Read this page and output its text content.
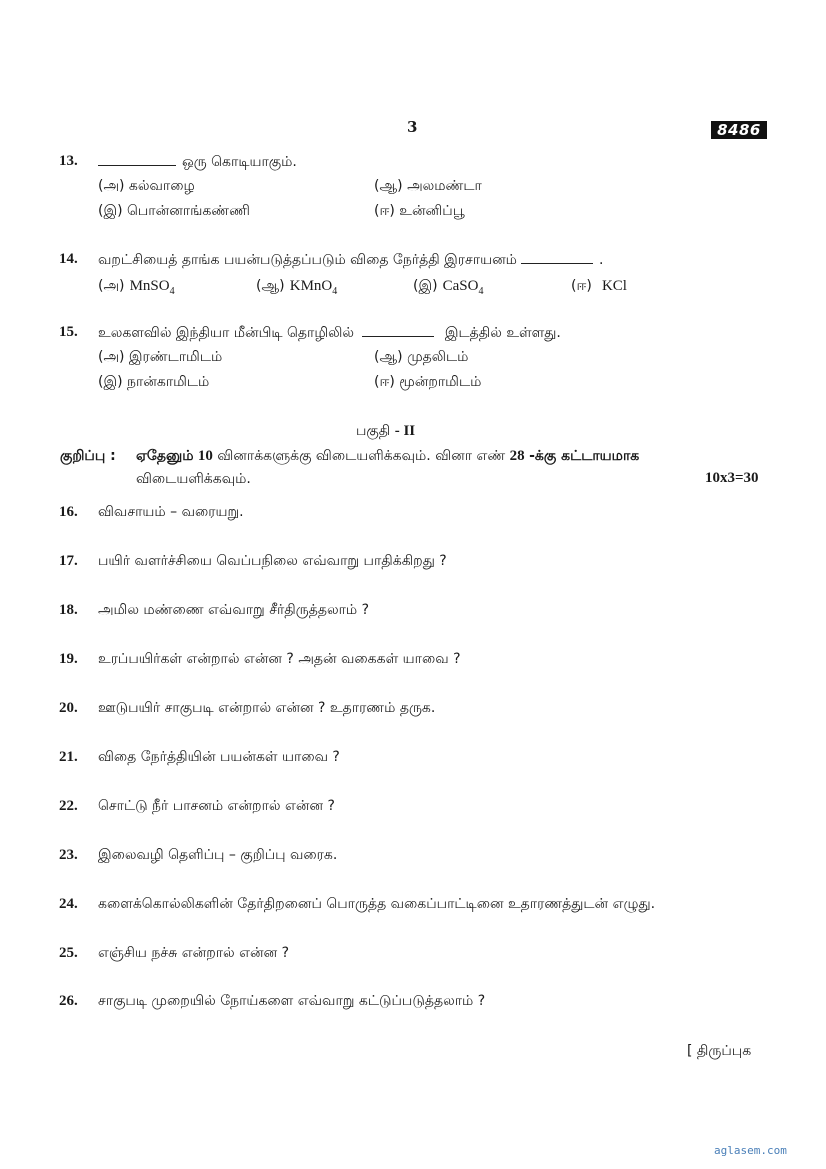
3	8486
13.	ஒரு கொடியாகும்.
(அ) கல்வாழை	(ஆ) அலமண்டா
(இ) பொன்னாங்கண்ணி	(ஈ) உன்னிப்பூ
14. வறட்சியைத் தாங்க பயன்படுத்தப்படும் விதை நேர்த்தி இரசாயனம்	.
(அ) MnSO$_4$	(ஆ) KMnO$_4$	(இ) CaSO$_4$	(ஈ) KCl
15. உலகளவில் இந்தியா மீன்பிடி தொழிலில்	இடத்தில் உள்ளது.
(அ) இரண்டாமிடம்	(ஆ) முதலிடம்
(இ) நான்காமிடம்	(ஈ) மூன்றாமிடம்
பகுதி - II
குறிப்பு : ஏதேனும் 10 வினாக்களுக்கு விடையளிக்கவும். வினா எண் 28 -க்கு கட்டாயமாக
விடையளிக்கவும்.	10x3=30
16. விவசாயம் – வரையறு.
17. பயிர் வளர்ச்சியை வெப்பநிலை எவ்வாறு பாதிக்கிறது ?
18. அமில மண்ணை எவ்வாறு சீர்திருத்தலாம் ?
19. உரப்பயிர்கள் என்றால் என்ன ? அதன் வகைகள் யாவை ?
20. ஊடுபயிர் சாகுபடி என்றால் என்ன ? உதாரணம் தருக.
21. விதை நேர்த்தியின் பயன்கள் யாவை ?
22. சொட்டு நீர் பாசனம் என்றால் என்ன ?
23. இலைவழி தெளிப்பு – குறிப்பு வரைக.
24. களைக்கொல்லிகளின் தேர்திறனைப் பொருத்த வகைப்பாட்டினை உதாரணத்துடன் எழுது.
25. எஞ்சிய நச்சு என்றால் என்ன ?
26. சாகுபடி முறையில் நோய்களை எவ்வாறு கட்டுப்படுத்தலாம் ?
[ திருப்புக
aglasem.com
